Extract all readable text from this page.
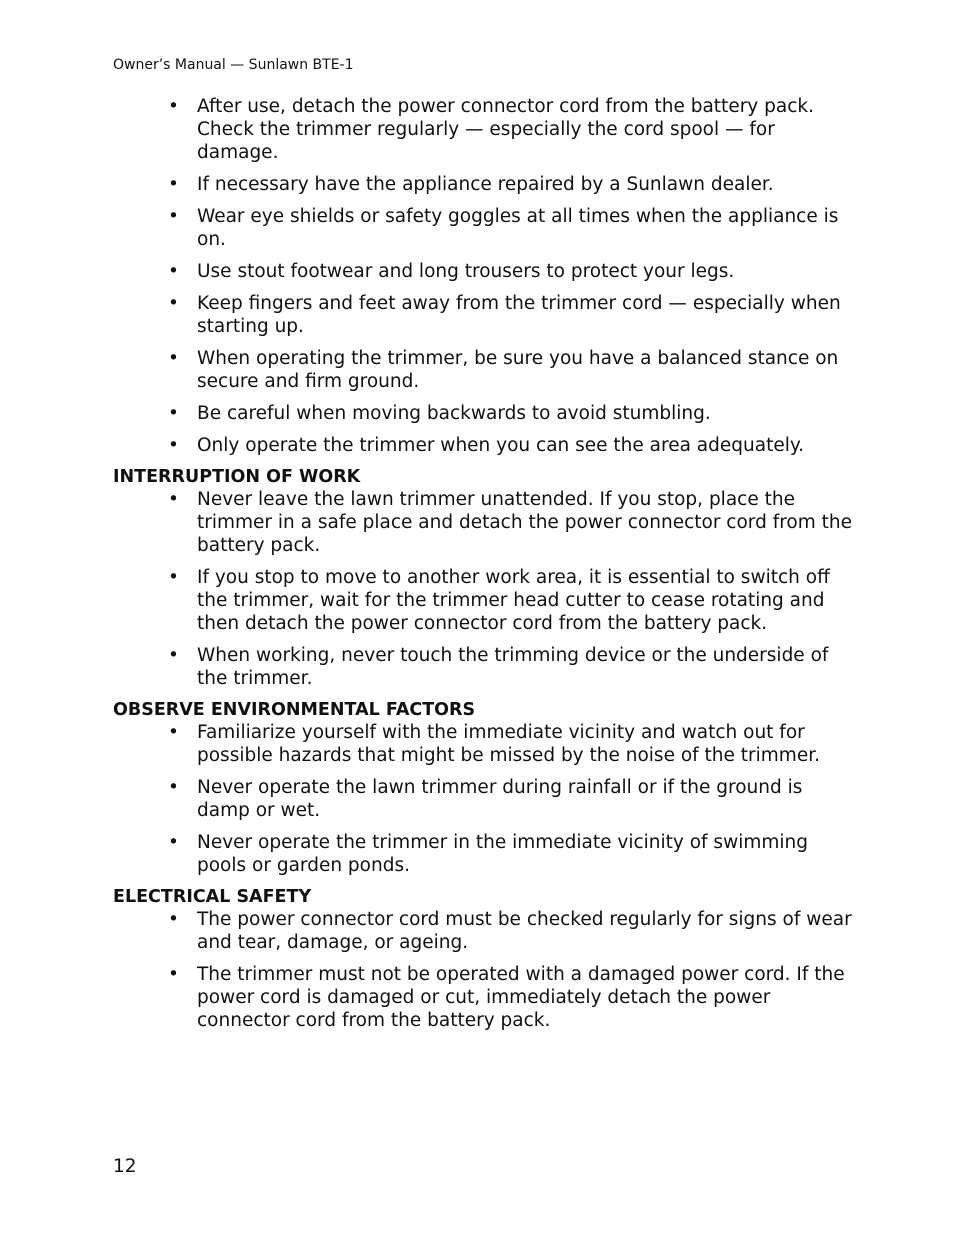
Owner’s Manual — Sunlawn BTE-1
• After use, detach the power connector cord from the battery pack. Check the trimmer regularly — especially the cord spool — for damage.
• If necessary have the appliance repaired by a Sunlawn dealer.
• Wear eye shields or safety goggles at all times when the appliance is on.
• Use stout footwear and long trousers to protect your legs.
• Keep fingers and feet away from the trimmer cord — especially when starting up.
• When operating the trimmer, be sure you have a balanced stance on secure and firm ground.
• Be careful when moving backwards to avoid stumbling.
• Only operate the trimmer when you can see the area adequately.
INTERRUPTION OF WORK
• Never leave the lawn trimmer unattended. If you stop, place the trimmer in a safe place and detach the power connector cord from the battery pack.
• If you stop to move to another work area, it is essential to switch off the trimmer, wait for the trimmer head cutter to cease rotating and then detach the power connector cord from the battery pack.
• When working, never touch the trimming device or the underside of the trimmer.
OBSERVE ENVIRONMENTAL FACTORS
• Familiarize yourself with the immediate vicinity and watch out for possible hazards that might be missed by the noise of the trimmer.
• Never operate the lawn trimmer during rainfall or if the ground is damp or wet.
• Never operate the trimmer in the immediate vicinity of swimming pools or garden ponds.
ELECTRICAL SAFETY
• The power connector cord must be checked regularly for signs of wear and tear, damage, or ageing.
• The trimmer must not be operated with a damaged power cord. If the power cord is damaged or cut, immediately detach the power connector cord from the battery pack.
12
